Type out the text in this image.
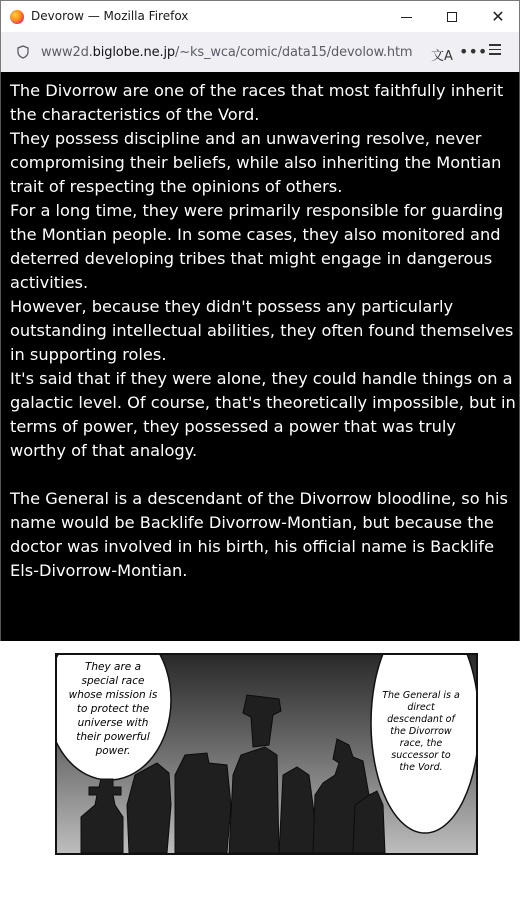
Devorow — Mozilla Firefox	✕
www2d.biglobe.ne.jp/~ks_wca/comic/data15/devolow.htm 文A •••

The Divorrow are one of the races that most faithfully inherit the characteristics of the Vord.

They possess discipline and an unwavering resolve, never compromising their beliefs, while also inheriting the Montian trait of respecting the opinions of others.

For a long time, they were primarily responsible for guarding the Montian people. In some cases, they also monitored and deterred developing tribes that might engage in dangerous activities.

However, because they didn't possess any particularly outstanding intellectual abilities, they often found themselves in supporting roles.

It's said that if they were alone, they could handle things on a galactic level. Of course, that's theoretically impossible, but in terms of power, they possessed a power that was truly worthy of that analogy.

The General is a descendant of the Divorrow bloodline, so his name would be Backlife Divorrow-Montian, but because the doctor was involved in his birth, his official name is Backlife Els-Divorrow-Montian.

They are a special race whose mission is to protect the universe with their powerful power.
The General is a direct descendant of the Divorrow race, the successor to the Vord.
